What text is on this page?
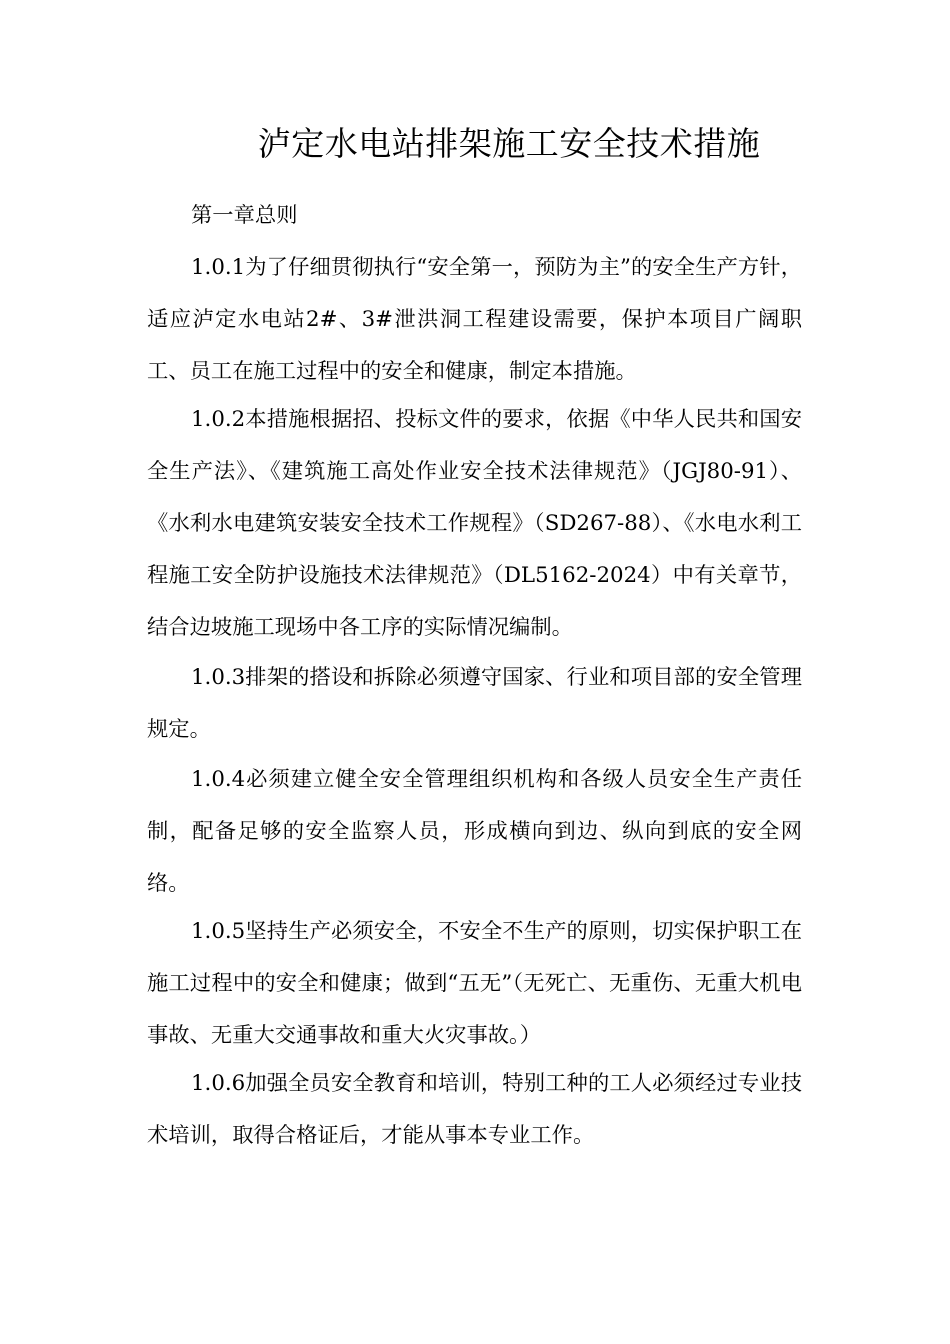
泸定水电站排架施工安全技术措施
第一章总则
1.0.1为了仔细贯彻执行“安全第一，预防为主”的安全生产方针，适应泸定水电站2#、3#泄洪洞工程建设需要，保护本项目广阔职工、员工在施工过程中的安全和健康，制定本措施。
1.0.2本措施根据招、投标文件的要求，依据《中华人民共和国安全生产法》、《建筑施工高处作业安全技术法律规范》（JGJ80-91）、《水利水电建筑安装安全技术工作规程》（SD267-88）、《水电水利工程施工安全防护设施技术法律规范》（DL5162-2024）中有关章节，结合边坡施工现场中各工序的实际情况编制。
1.0.3排架的搭设和拆除必须遵守国家、行业和项目部的安全管理规定。
1.0.4必须建立健全安全管理组织机构和各级人员安全生产责任制，配备足够的安全监察人员，形成横向到边、纵向到底的安全网络。
1.0.5坚持生产必须安全，不安全不生产的原则，切实保护职工在施工过程中的安全和健康；做到“五无”（无死亡、无重伤、无重大机电事故、无重大交通事故和重大火灾事故。）
1.0.6加强全员安全教育和培训，特别工种的工人必须经过专业技术培训，取得合格证后，才能从事本专业工作。
